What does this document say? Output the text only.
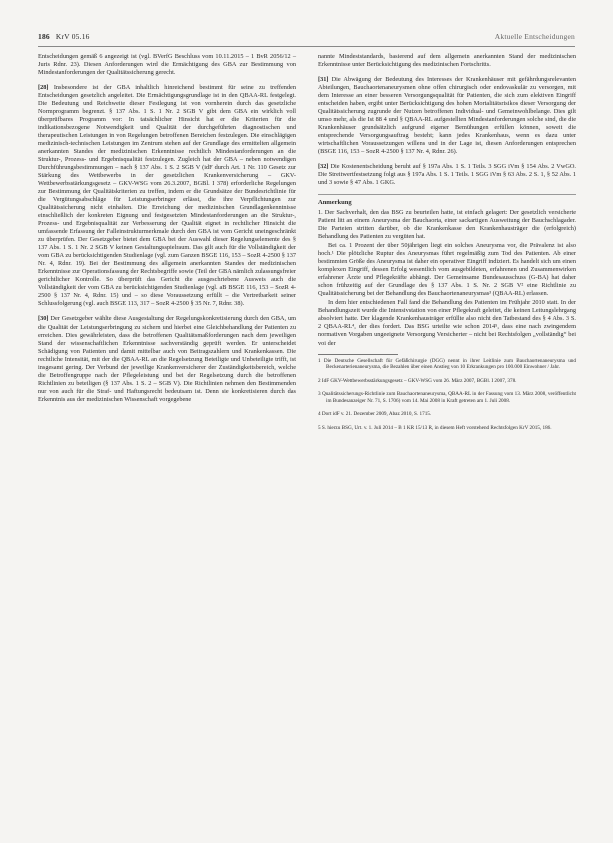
186 KrV 05.16	Aktuelle Entscheidungen

Entscheidungen gemäß 6 angezeigt ist (vgl. BVerfG Beschluss vom 10.11.2015 – 1 BvR 2056/12 – Juris Rdnr. 23). Diesen Anforderungen wird die Ermächtigung des GBA zur Bestimmung von Mindestanforderungen der Qualitätssicherung gerecht.

[28] Insbesondere ist der GBA inhaltlich hinreichend bestimmt für seine zu treffenden Entscheidungen gesetzlich angeleitet. Die Ermächtigungsgrundlage ist in den QBAA-RL festgelegt. Die Bedeutung und Reichweite dieser Festlegung ist von vornherein durch das gesetzliche Normprogramm begrenzt. § 137 Abs. 1 S. 1 Nr. 2 SGB V gibt dem GBA ein wirklich voll überprüfbares Programm vor: In tatsächlicher Hinsicht hat er die Kriterien für die indikationsbezogene Notwendigkeit und Qualität der durchgeführten diagnostischen und therapeutischen Leistungen in von Regelungen betroffenen Bereichen festzulegen. Die einschlägigen medizinisch-technischen Leistungen im Zentrum stehen auf der Grundlage des ermittelten allgemein anerkannten Standes der medizinischen Erkenntnisse rechtlich Mindestanforderungen an die Struktur-, Prozess- und Ergebnisqualität festzulegen. Zugleich hat der GBA – neben notwendigen Durchführungsbestimmungen – nach § 137 Abs. 1 S. 2 SGB V (idF durch Art. 1 Nr. 110 Gesetz zur Stärkung des Wettbewerbs in der gesetzlichen Krankenversicherung – GKV-Wettbewerbsstärkungsgesetz – GKV-WSG vom 26.3.2007, BGBl. I 378) erforderliche Regelungen zur Bestimmung der Qualitätskriterien zu treffen, indem er die Grundsätze der Bundesrichtlinie für die Vergütungsabschläge für Leistungserbringer erlässt, die ihre Verpflichtungen zur Qualitätssicherung nicht einhalten. Die Erreichung der medizinischen Grundlagenkenntnisse einschließlich der konkreten Eignung und festgesetzten Mindestanforderungen an die Struktur-, Prozess- und Ergebnisqualität zur Verbesserung der Qualität eignet in rechtlicher Hinsicht die umfassende Erfassung der Falleinstrukturmerkmale durch den GBA ist vom Gericht uneingeschränkt zu überprüfen. Der Gesetzgeber bietet dem GBA bei der Auswahl dieser Regelungselemente des § 137 Abs. 1 S. 1 Nr. 2 SGB V keinen Gestaltungsspielraum. Das gilt auch für die Vollständigkeit der vom GBA zu berücksichtigenden Studienlage (vgl. zum Ganzen BSGE 116, 153 – SozR 4-2500 § 137 Nr. 4, Rdnr. 19). Bei der Bestimmung des allgemein anerkannten Standes der medizinischen Erkenntnisse zur Operationsfassung der Rechtsbegriffe sowie (Teil der GBA nämlich zulassungsfreier gerichtlicher Kontrolle. So überprüft das Gericht die ausgeschriebene Ausweis auch die Vollständigkeit der vom GBA zu berücksichtigenden Studienlage (vgl. aB BSGE 116, 153 – SozR 4-2500 § 137 Nr. 4, Rdnr. 15) und – so diese Voraussetzung erfüllt – die Vertretbarkeit seiner Schlussfolgerung (vgl. auch BSGE 113, 317 – SozR 4-2500 § 35 Nr. 7, Rdnr. 38).

[30] Der Gesetzgeber wählte diese Ausgestaltung der Regelungskonkretisierung durch den GBA, um die Qualität der Leistungserbringung zu sichern und hierbei eine Gleichbehandlung der Patienten zu erreichen. Dies gewährleisten, dass die betroffenen Qualitätsmaßforderungen nach dem jeweiligen Stand der wissenschaftlichen Erkenntnisse sachverständig geprüft werden. Er unterscheidet Schädigung von Patienten und damit mittelbar auch von Beitragszahlern und Krankenkassen. Die rechtliche Intensität, mit der die QBAA-RL an die Regelsetzung Beteiligte und Unbeteiligte trifft, ist insgesamt gering. Der Verbund der jeweilige Krankenversicherer der Zuständigkeitsbereich, welche die Betroffengruppe nach der Pflegeleistung und bei der Regelsetzung durch die betroffenen Richtlinien zu beteiligen (§ 137 Abs. 1 S. 2 – SGB V). Die Richtlinien nehmen den Bestimmenden nur von auch für die Straf- und Haftungsrecht bedeutsam ist. Denn sie konkretisieren durch das Erkenntnis aus der medizinischen Wissenschaft vorgegebene

nannte Mindeststandards, basierend auf dem allgemein anerkannten Stand der medizinischen Erkenntnisse unter Berücksichtigung des medizinischen Fortschritts.

[31] Die Abwägung der Bedeutung des Interesses der Krankenhäuser mit gefährdungsrelevanten Abteilungen, Bauchaortenaneurysmen ohne offen chirurgisch oder endovaskulär zu versorgen, mit dem Interesse an einer besseren Versorgungsqualität für Patienten, die sich zum elektiven Eingriff entscheiden haben, ergibt unter Berücksichtigung des hohen Mortalitätsrisikos dieser Versorgung der Qualitätssicherung zugrunde der Nutzen betroffenen Individual- und Gemeinwohlbelange. Dies gilt umso mehr, als die Ist 88 4 und § QBAA-RL aufgestellten Mindestanforderungen solche sind, die die Krankenhäuser grundsätzlich aufgrund eigener Bemühungen erfüllen können, soweit die entsprechende Versorgungsauftrag besteht; kann jedes Krankenhaus, wenn es dazu unter wirtschaftlichen Voraussetzungen willens und in der Lage ist, diesen Anforderungen entsprechen (BSGE 116, 153 – SozR 4-2500 § 137 Nr. 4, Rdnr. 26).

[32] Die Kostenentscheidung beruht auf § 197a Abs. 1 S. 1 Teils. 3 SGG iVm § 154 Abs. 2 VwGO. Die Streitwertfestsetzung folgt aus § 197a Abs. 1 S. 1 Teils. 1 SGG iVm § 63 Abs. 2 S. 1, § 52 Abs. 1 und 3 sowie § 47 Abs. 1 GKG.

Anmerkung

1. Der Sachverhalt, den das BSG zu beurteilen hatte, ist einfach gelagert: Der gesetzlich versicherte Patient litt an einem Aneurysma der Bauchaorta, einer sackartigen Ausweitung der Bauchschlagader. Die Parteien stritten darüber, ob die Krankenkasse den Krankenhausträger die (erfolgreich) Behandlung des Patienten zu vergüten hat.

Bei ca. 1 Prozent der über 50jährigen liegt ein solches Aneurysma vor, die Prävalenz ist also hoch.¹ Die plötzliche Ruptur des Aneurysmas führt regelmäßig zum Tod des Patienten. Ab einer bestimmten Größe des Aneurysma ist daher ein operativer Eingriff indiziert. Es handelt sich um einen komplexen Eingriff, dessen Erfolg wesentlich vom ausgebildeten, erfahrenen und Zusammenwirken erfahrener Ärzte und Pflegekräfte abhängt. Der Gemeinsame Bundesausschuss (G-BA) hat daher schon frühzeitig auf der Grundlage des § 137 Abs. 1 S. Nr. 2 SGB V² eine Richtlinie zu Qualitätssicherung bei der Behandlung des Bauchaortenaneurysmas³ (QBAA-RL) erlassen.

In dem hier entschiedenen Fall fand die Behandlung des Patienten im Frühjahr 2010 statt. In der Behandlungszeit wurde die Intensivstation von einer Pflegekraft geleitet, die keinen Leitungslehrgang absolviert hatte. Der klagende Krankenhausträger erfüllte also nicht den Tatbestand des § 4 Abs. 3 S. 2 QBAA-RL⁴, der dies fordert. Das BSG urteilte wie schon 2014⁵, dass eine nach zwingendem normativen Vorgaben ungeeignete Versorgung Versicherter – nicht bei Rechtsfolgen „vollständig“ bei voi der

1 Die Deutsche Gesellschaft für Gefäßchirurgie (DGG) nennt in ihrer Leitlinie zum Bauchaortenaneurysma und Beckenarterienaneurysma, die Bezahlen über einen Anstieg von 10 Erkrankungen pro 100.000 Einwohner / Jahr.

2 IdF GKV-Wettbewerbsstärkungsgesetz – GKV-WSG vom 26. März 2007, BGBl. I 2007, 378.

3 Qualitätssicherungs-Richtlinie zum Bauchaortenaneurysma, QBAA-RL in der Fassung vom 13. März 2008, veröffentlicht im Bundesanzeiger Nr. 71, S. 1706) vom 14. Mai 2008 in Kraft getreten am 1. Juli 2008.

4 Dort idF v. 21. Dezember 2009, Abaz 2010, S. 1715.

5 S. hierzu BSG, Urt. v. 1. Juli 2014 – B 1 KR 15/13 R, in diesem Heft vorstehend Rechtsfolgen KrV 2015, 186.
